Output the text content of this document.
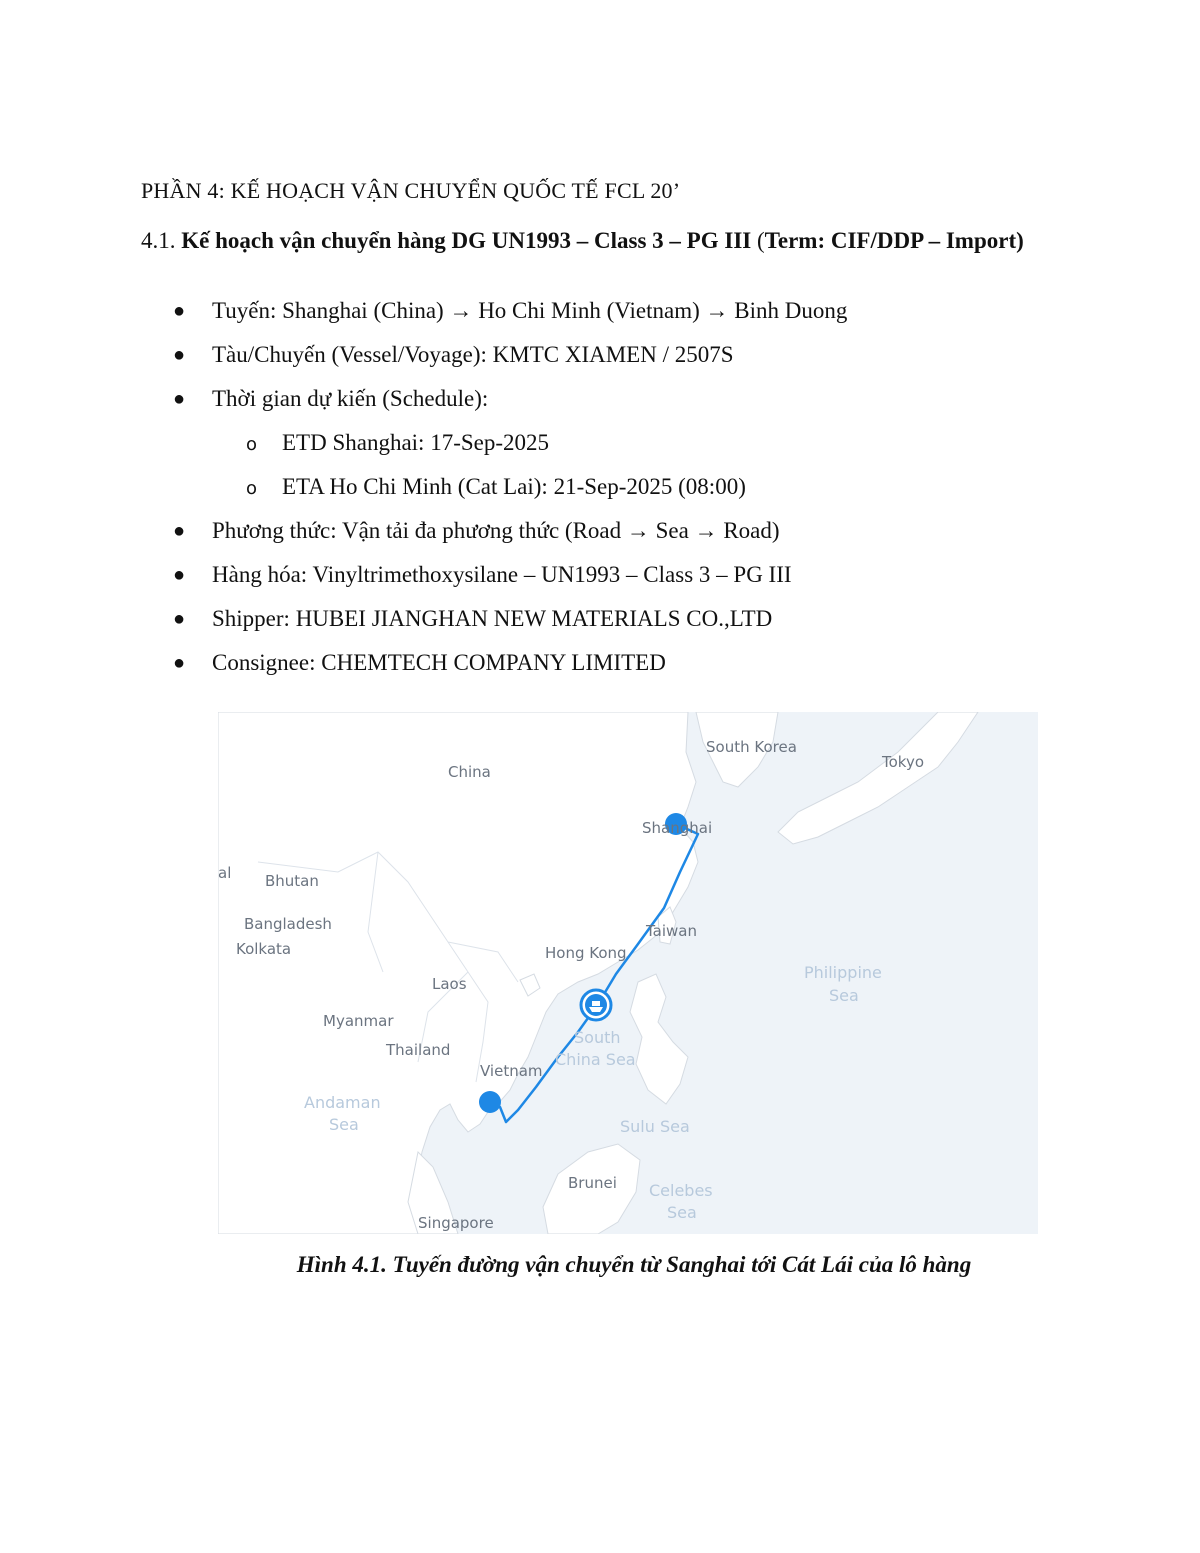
PHẦN 4: KẾ HOẠCH VẬN CHUYỂN QUỐC TẾ FCL 20’
4.1. Kế hoạch vận chuyển hàng DG UN1993 – Class 3 – PG III (Term: CIF/DDP – Import)
● Tuyến: Shanghai (China) → Ho Chi Minh (Vietnam) → Binh Duong
● Tàu/Chuyến (Vessel/Voyage): KMTC XIAMEN / 2507S
● Thời gian dự kiến (Schedule):
o ETD Shanghai: 17-Sep-2025
o ETA Ho Chi Minh (Cat Lai): 21-Sep-2025 (08:00)
● Phương thức: Vận tải đa phương thức (Road → Sea → Road)
● Hàng hóa: Vinyltrimethoxysilane – UN1993 – Class 3 – PG III
● Shipper: HUBEI JIANGHAN NEW MATERIALS CO.,LTD
● Consignee: CHEMTECH COMPANY LIMITED
China
South Korea
Tokyo
Shanghai
al Bhutan
Bangladesh
Kolkata
Taiwan
Hong Kong
Laos
Myanmar
Thailand
Vietnam
Brunei
Singapore
Philippine
Sea
South
China Sea
Andaman
Sea	Sulu Sea
Celebes
Sea
Hình 4.1. Tuyến đường vận chuyển từ Sanghai tới Cát Lái của lô hàng
